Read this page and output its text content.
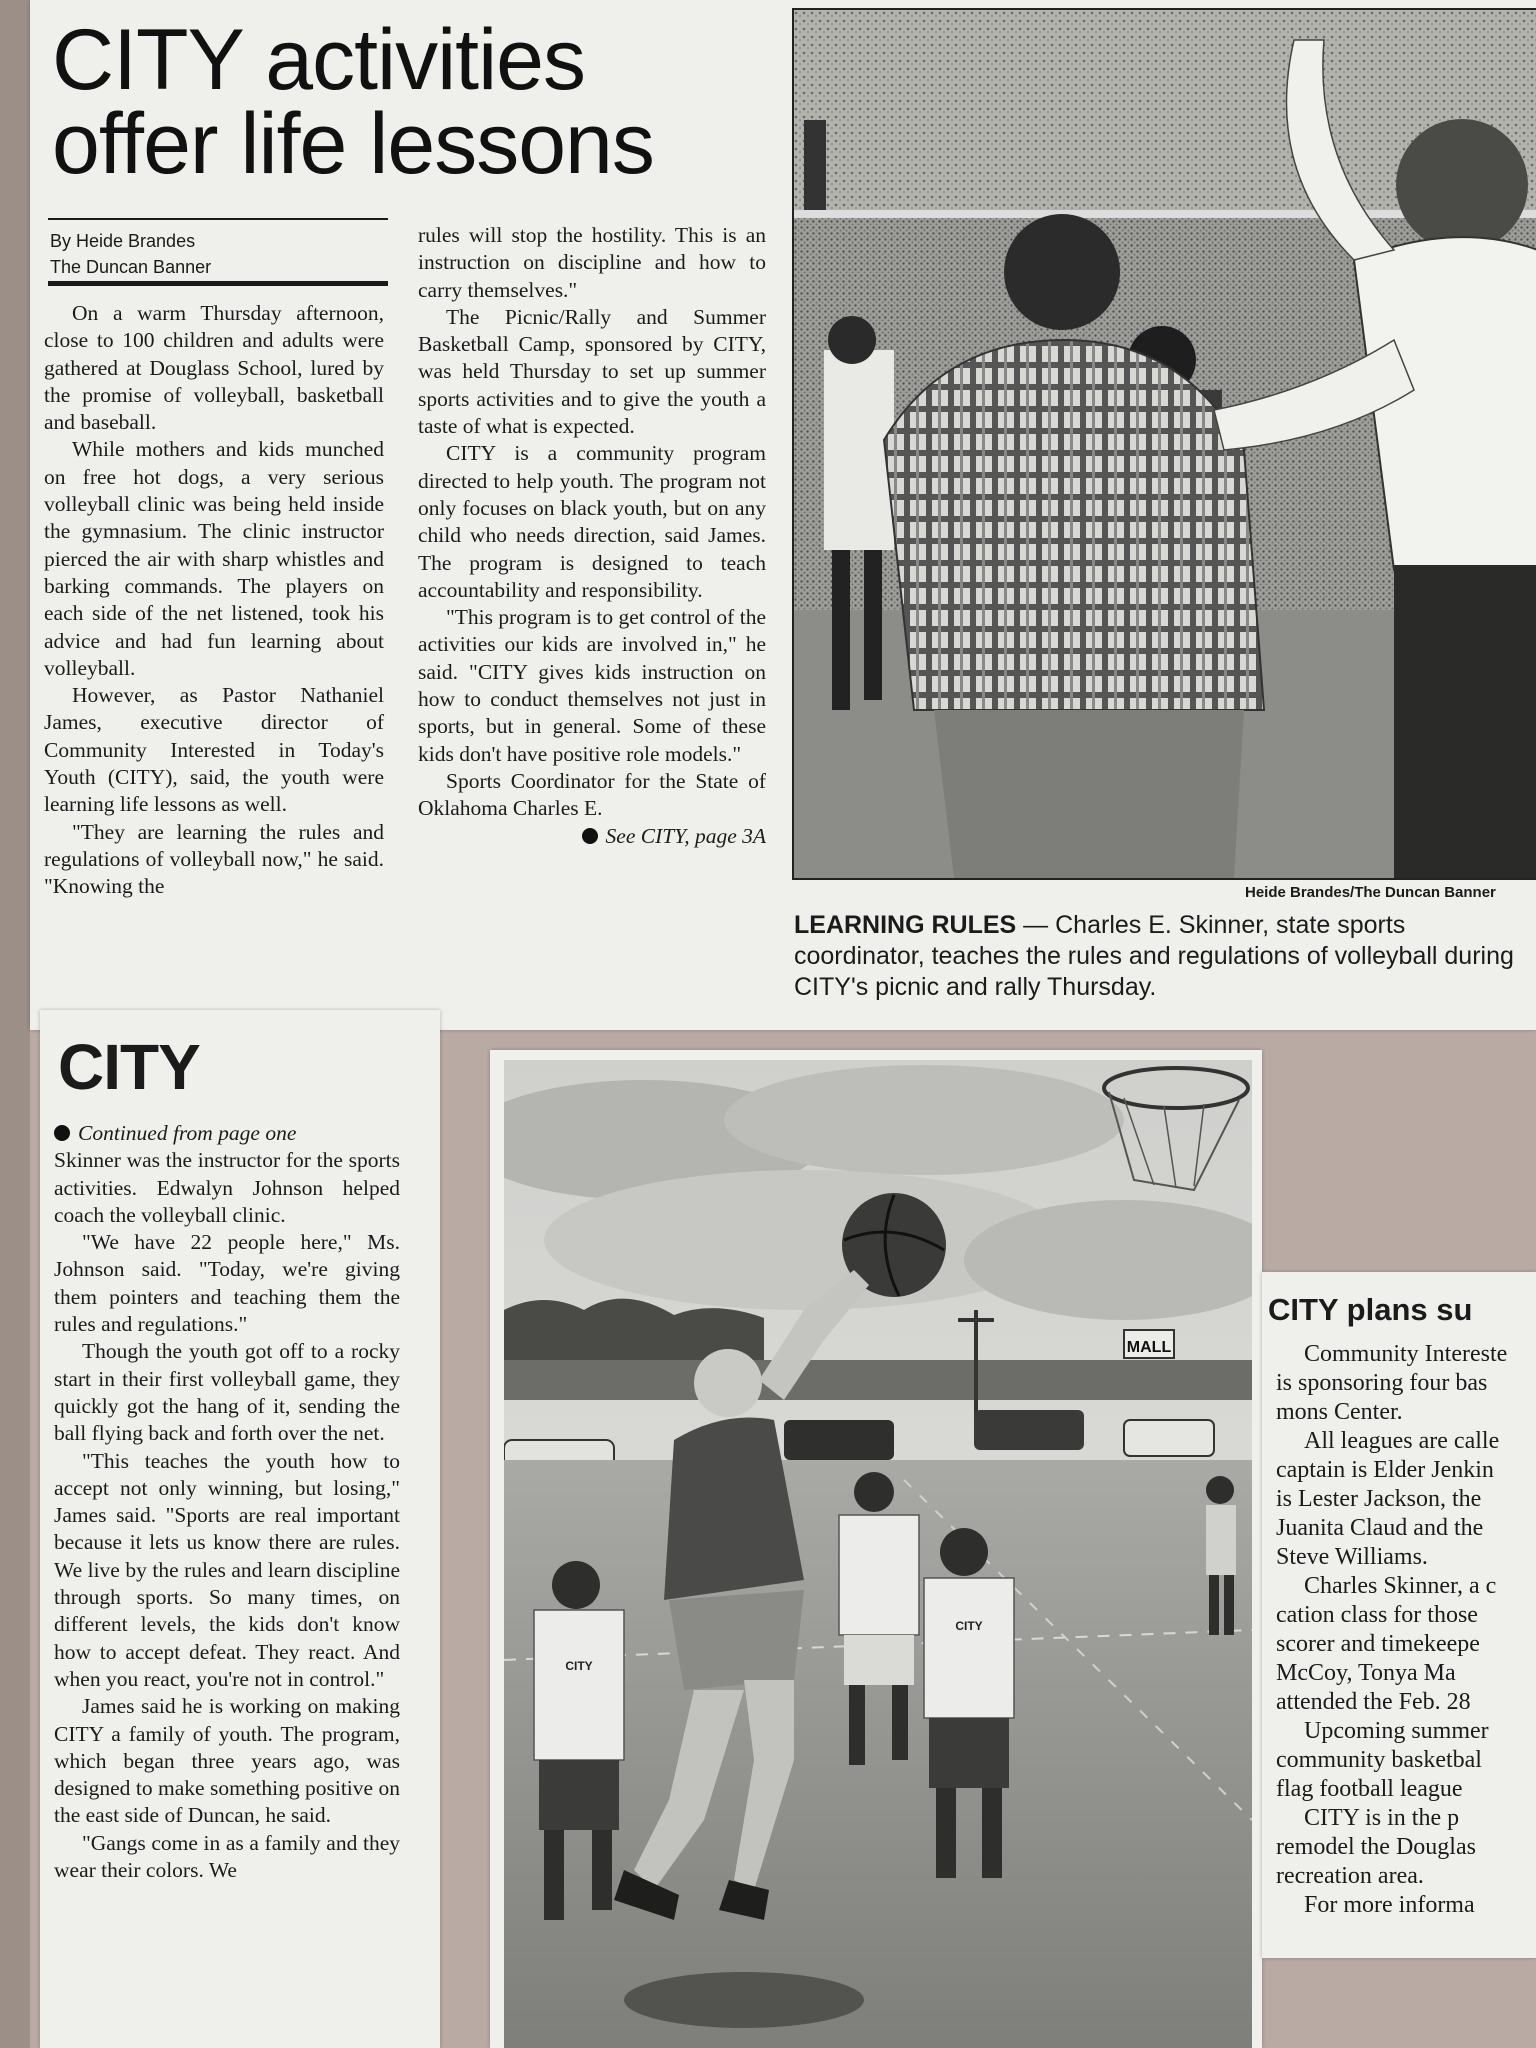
CITY activities
offer life lessons
By Heide Brandes
The Duncan Banner

On a warm Thursday afternoon, close to 100 children and adults were gathered at Douglass School, lured by the promise of volleyball, basketball and baseball.

While mothers and kids munched on free hot dogs, a very serious volleyball clinic was being held inside the gymnasium. The clinic instructor pierced the air with sharp whistles and barking commands. The players on each side of the net listened, took his advice and had fun learning about volleyball.

However, as Pastor Nathaniel James, executive director of Community Interested in Today's Youth (CITY), said, the youth were learning life lessons as well.

"They are learning the rules and regulations of volleyball now," he said. "Knowing the

rules will stop the hostility. This is an instruction on discipline and how to carry themselves."

The Picnic/Rally and Summer Basketball Camp, sponsored by CITY, was held Thursday to set up summer sports activities and to give the youth a taste of what is expected.

CITY is a community program directed to help youth. The program not only focuses on black youth, but on any child who needs direction, said James. The program is designed to teach accountability and responsibility.

"This program is to get control of the activities our kids are involved in," he said. "CITY gives kids instruction on how to conduct themselves not just in sports, but in general. Some of these kids don't have positive role models."

Sports Coordinator for the State of Oklahoma Charles E.

See CITY, page 3A

Heide Brandes/The Duncan Banner
LEARNING RULES — Charles E. Skinner, state sports coordinator, teaches the rules and regulations of volleyball during CITY's picnic and rally Thursday.
CITY

Continued from page one

Skinner was the instructor for the sports activities. Edwalyn Johnson helped coach the volleyball clinic.

"We have 22 people here," Ms. Johnson said. "Today, we're giving them pointers and teaching them the rules and regulations."

Though the youth got off to a rocky start in their first volleyball game, they quickly got the hang of it, sending the ball flying back and forth over the net.

"This teaches the youth how to accept not only winning, but losing," James said. "Sports are real important because it lets us know there are rules. We live by the rules and learn discipline through sports. So many times, on different levels, the kids don't know how to accept defeat. They react. And when you react, you're not in control."

James said he is working on making CITY a family of youth. The program, which began three years ago, was designed to make something positive on the east side of Duncan, he said.

"Gangs come in as a family and they wear their colors. We

MALL
CITY
CITY
CITY plans su

Community Intereste

is sponsoring four bas

mons Center.

All leagues are calle

captain is Elder Jenkin

is Lester Jackson, the

Juanita Claud and the

Steve Williams.

Charles Skinner, a c

cation class for those

scorer and timekeepe

McCoy, Tonya Ma

attended the Feb. 28

Upcoming summer

community basketbal

flag football league

CITY is in the p

remodel the Douglas

recreation area.

For more informa
